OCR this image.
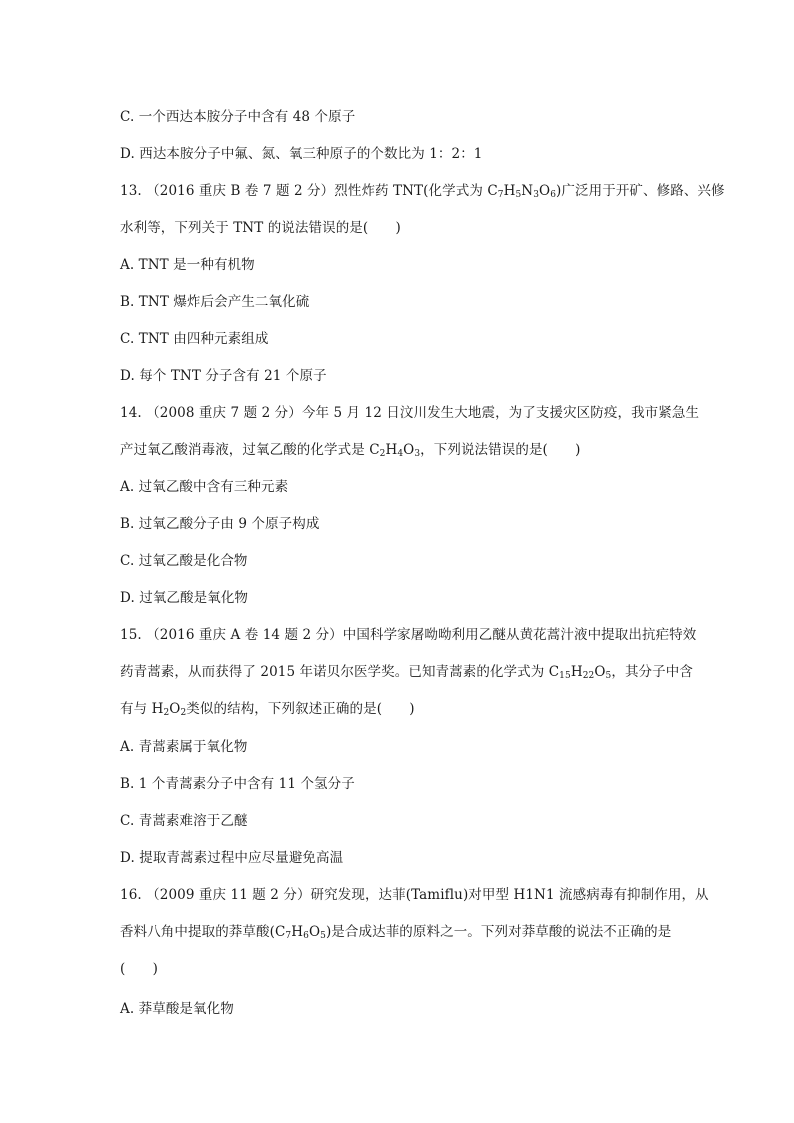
C. 一个西达本胺分子中含有 48 个原子
D. 西达本胺分子中氟、氮、氧三种原子的个数比为 1：2：1
13. （2016 重庆 B 卷 7 题 2 分）烈性炸药 TNT(化学式为 $C_7H_5N_3O_6$)广泛用于开矿、修路、兴修
水利等，下列关于 TNT 的说法错误的是(　　)
A. TNT 是一种有机物
B. TNT 爆炸后会产生二氧化硫
C. TNT 由四种元素组成
D. 每个 TNT 分子含有 21 个原子
14. （2008 重庆 7 题 2 分）今年 5 月 12 日汶川发生大地震，为了支援灾区防疫，我市紧急生
产过氧乙酸消毒液，过氧乙酸的化学式是 $C_2H_4O_3$，下列说法错误的是(　　)
A. 过氧乙酸中含有三种元素
B. 过氧乙酸分子由 9 个原子构成
C. 过氧乙酸是化合物
D. 过氧乙酸是氧化物
15. （2016 重庆 A 卷 14 题 2 分）中国科学家屠呦呦利用乙醚从黄花蒿汁液中提取出抗疟特效
药青蒿素，从而获得了 2015 年诺贝尔医学奖。已知青蒿素的化学式为 $C_{15}H_{22}O_5$，其分子中含
有与 $H_2O_2$类似的结构，下列叙述正确的是(　　)
A. 青蒿素属于氧化物
B. 1 个青蒿素分子中含有 11 个氢分子
C. 青蒿素难溶于乙醚
D. 提取青蒿素过程中应尽量避免高温
16. （2009 重庆 11 题 2 分）研究发现，达菲(Tamiflu)对甲型 H1N1 流感病毒有抑制作用，从
香料八角中提取的莽草酸$(C_7H_6O_5)$是合成达菲的原料之一。下列对莽草酸的说法不正确的是
(　　)
A. 莽草酸是氧化物
